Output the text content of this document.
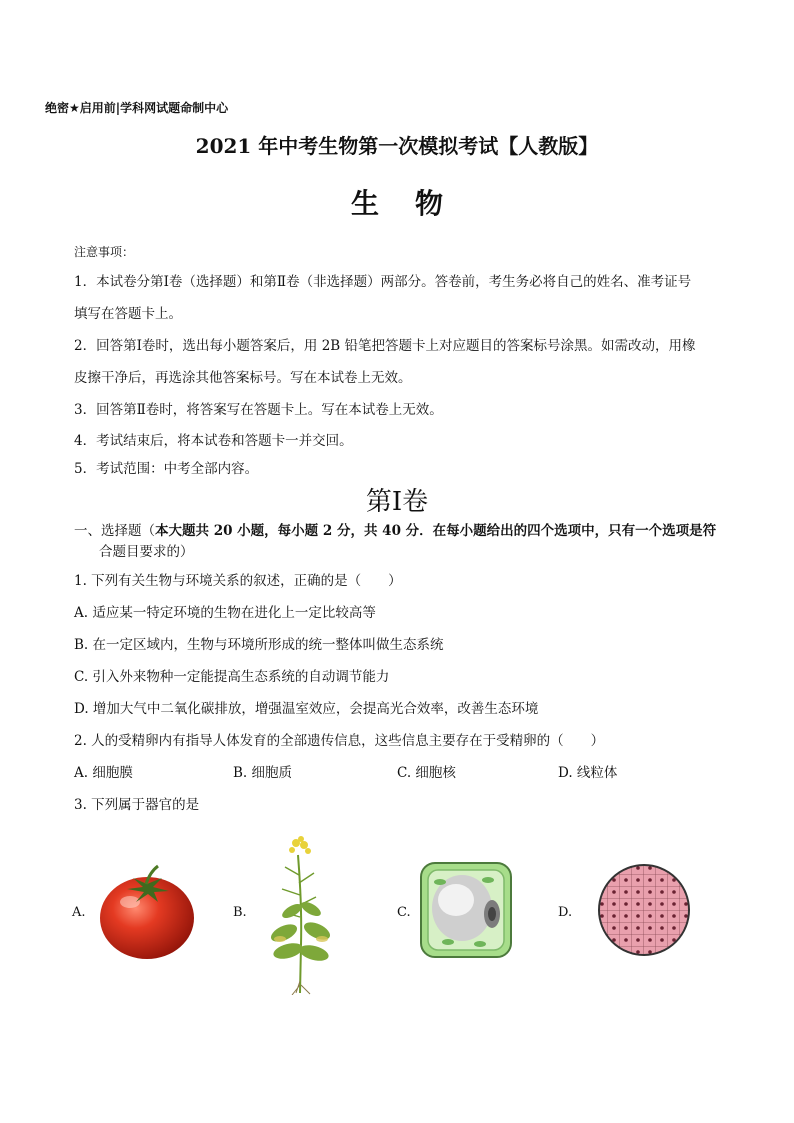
绝密★启用前|学科网试题命制中心
2021 年中考生物第一次模拟考试【人教版】
生物
注意事项：
1．本试卷分第Ⅰ卷（选择题）和第Ⅱ卷（非选择题）两部分。答卷前，考生务必将自己的姓名、准考证号
填写在答题卡上。
2．回答第Ⅰ卷时，选出每小题答案后，用 2B 铅笔把答题卡上对应题目的答案标号涂黑。如需改动，用橡
皮擦干净后，再选涂其他答案标号。写在本试卷上无效。
3．回答第Ⅱ卷时，将答案写在答题卡上。写在本试卷上无效。
4．考试结束后，将本试卷和答题卡一并交回。
5．考试范围：中考全部内容。
第Ⅰ卷
一、选择题（本大题共 20 小题，每小题 2 分，共 40 分．在每小题给出的四个选项中，只有一个选项是符
合题目要求的）
1. 下列有关生物与环境关系的叙述，正确的是（　　）
A. 适应某一特定环境的生物在进化上一定比较高等
B. 在一定区域内，生物与环境所形成的统一整体叫做生态系统
C. 引入外来物种一定能提高生态系统的自动调节能力
D. 增加大气中二氧化碳排放，增强温室效应，会提高光合效率，改善生态环境
2. 人的受精卵内有指导人体发育的全部遗传信息，这些信息主要存在于受精卵的（　　）
A. 细胞膜	B. 细胞质	C. 细胞核	D. 线粒体
3. 下列属于器官的是
A.	B.	C.	D.
